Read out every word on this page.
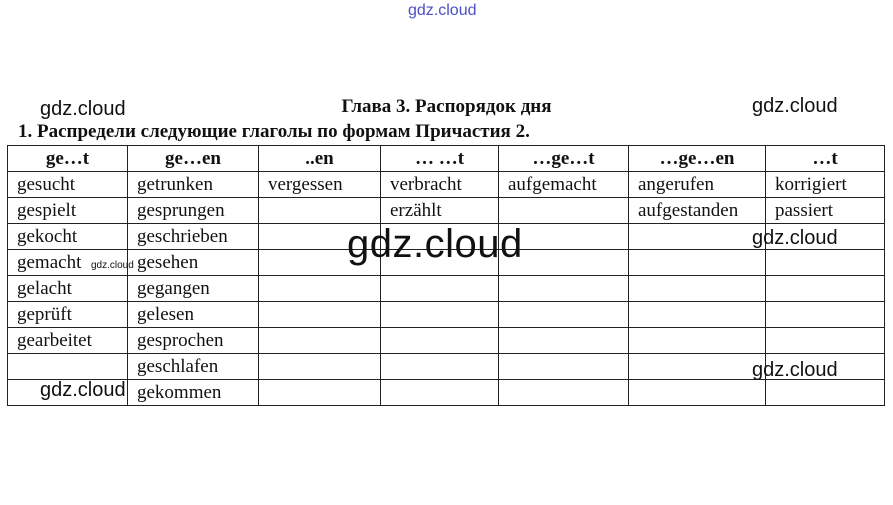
gdz.cloud
Глава 3. Распорядок дня
1. Распредели следующие глаголы по формам Причастия 2.
ge…t	ge…en	..en	… …t	…ge…t	…ge…en	…t
gesucht	getrunken	vergessen	verbracht	aufgemacht	angerufen	korrigiert
gespielt	gesprungen		erzählt		aufgestanden	passiert
gekocht	geschrieben					
gemacht	gesehen					
gelacht	gegangen					
geprüft	gelesen					
gearbeitet	gesprochen					
	geschlafen					
	gekommen					
gdz.cloud	gdz.cloud
gdz.cloud	gdz.cloud
gdz.cloud
gdz.cloud
gdz.cloud
